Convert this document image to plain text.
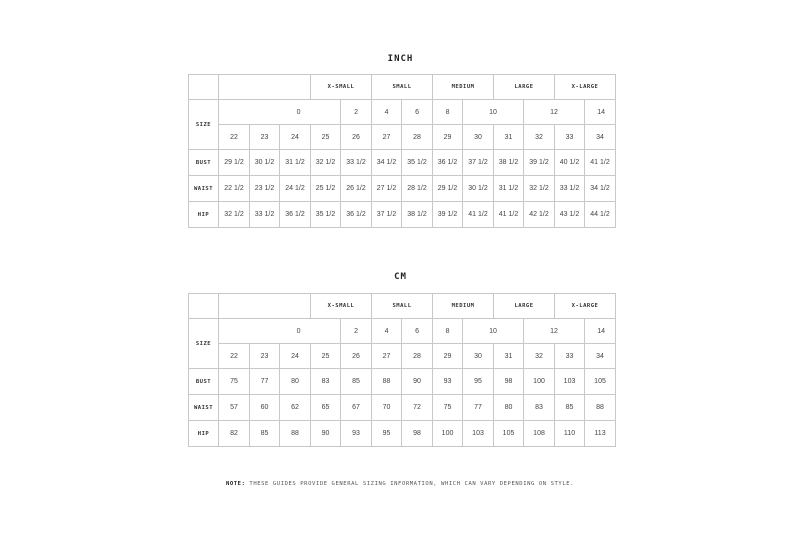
INCH
				X-SMALL		SMALL		MEDIUM		LARGE		X-LARGE	
SIZE	0				2	4	6	8	10		12		14
	22	23	24	25	26	27	28	29	30	31	32	33	34
BUST	29 1/2	30 1/2	31 1/2	32 1/2	33 1/2	34 1/2	35 1/2	36 1/2	37 1/2	38 1/2	39 1/2	40 1/2	41 1/2
WAIST	22 1/2	23 1/2	24 1/2	25 1/2	26 1/2	27 1/2	28 1/2	29 1/2	30 1/2	31 1/2	32 1/2	33 1/2	34 1/2
HIP	32 1/2	33 1/2	36 1/2	35 1/2	36 1/2	37 1/2	38 1/2	39 1/2	41 1/2	41 1/2	42 1/2	43 1/2	44 1/2
CM
				X-SMALL		SMALL		MEDIUM		LARGE		X-LARGE	
SIZE	0				2	4	6	8	10		12		14
	22	23	24	25	26	27	28	29	30	31	32	33	34
BUST	75	77	80	83	85	88	90	93	95	98	100	103	105
WAIST	57	60	62	65	67	70	72	75	77	80	83	85	88
HIP	82	85	88	90	93	95	98	100	103	105	108	110	113
NOTE: THESE GUIDES PROVIDE GENERAL SIZING INFORMATION, WHICH CAN VARY DEPENDING ON STYLE.
